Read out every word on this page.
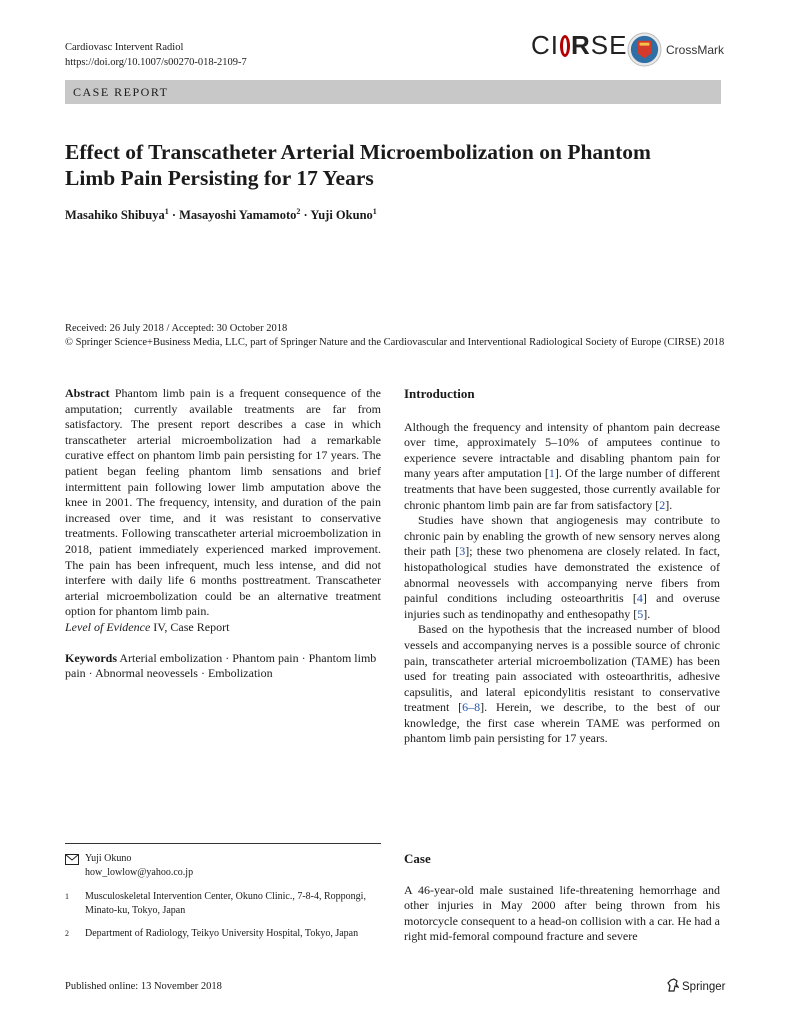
Cardiovasc Intervent Radiol
https://doi.org/10.1007/s00270-018-2109-7
CI RSE	CrossMark
CASE REPORT
Effect of Transcatheter Arterial Microembolization on Phantom
Limb Pain Persisting for 17 Years
Masahiko Shibuya$^1$ · Masayoshi Yamamoto$^2$ · Yuji Okuno$^1$
Received: 26 July 2018 / Accepted: 30 October 2018
© Springer Science+Business Media, LLC, part of Springer Nature and the Cardiovascular and Interventional Radiological Society of Europe (CIRSE) 2018

Abstract Phantom limb pain is a frequent consequence of the amputation; currently available treatments are far from satisfactory. The present report describes a case in which transcatheter arterial microembolization had a remarkable curative effect on phantom limb pain persisting for 17 years. The patient began feeling phantom limb sensations and brief intermittent pain following lower limb amputation above the knee in 2001. The frequency, intensity, and duration of the pain increased over time, and it was resistant to conservative treatments. Following transcatheter arterial microembolization in 2018, patient immediately experienced marked improvement. The pain has been infrequent, much less intense, and did not interfere with daily life 6 months posttreatment. Transcatheter arterial microembolization could be an alternative treatment option for phantom limb pain.

Level of Evidence IV, Case Report

Keywords Arterial embolization · Phantom pain · Phantom limb pain · Abnormal neovessels · Embolization

Yuji Okuno
how_lowlow@yahoo.co.jp
1	Musculoskeletal Intervention Center, Okuno Clinic., 7-8-4, Roppongi, Minato-ku, Tokyo, Japan
2	Department of Radiology, Teikyo University Hospital, Tokyo, Japan
Introduction

Although the frequency and intensity of phantom pain decrease over time, approximately 5–10% of amputees continue to experience severe intractable and disabling phantom pain for many years after amputation [1]. Of the large number of different treatments that have been suggested, those currently available for chronic phantom limb pain are far from satisfactory [2].

Studies have shown that angiogenesis may contribute to chronic pain by enabling the growth of new sensory nerves along their path [3]; these two phenomena are closely related. In fact, histopathological studies have demonstrated the existence of abnormal neovessels with accompanying nerve fibers from painful conditions including osteoarthritis [4] and overuse injuries such as tendinopathy and enthesopathy [5].

Based on the hypothesis that the increased number of blood vessels and accompanying nerves is a possible source of chronic pain, transcatheter arterial microembolization (TAME) has been used for treating pain associated with osteoarthritis, adhesive capsulitis, and lateral epicondylitis resistant to conservative treatment [6–8]. Herein, we describe, to the best of our knowledge, the first case wherein TAME was performed on phantom limb pain persisting for 17 years.

Case

A 46-year-old male sustained life-threatening hemorrhage and other injuries in May 2000 after being thrown from his motorcycle consequent to a head-on collision with a car. He had a right mid-femoral compound fracture and severe

Published online: 13 November 2018	Springer
